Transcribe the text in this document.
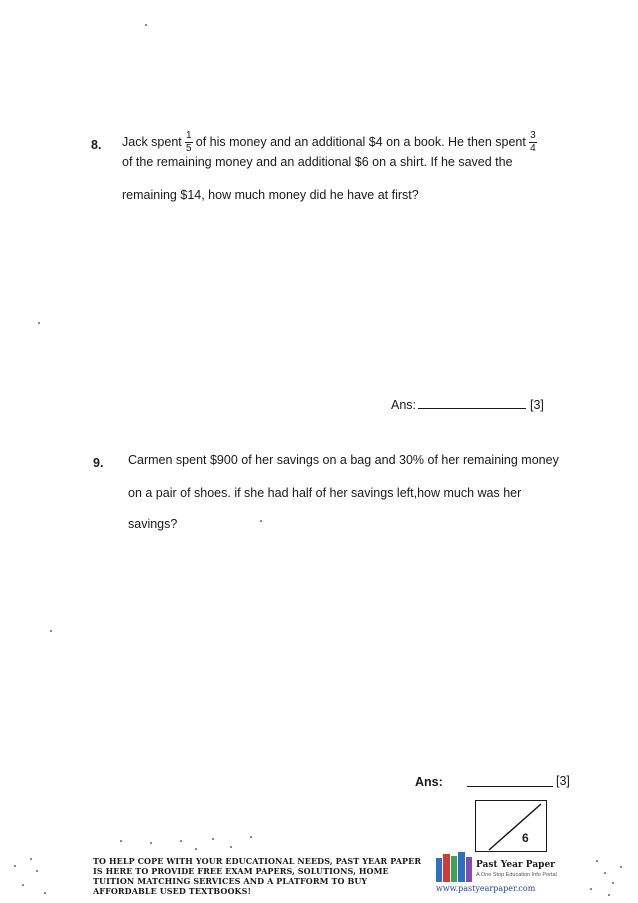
8. Jack spent $\frac{1}{5}$ of his money and an additional $4 on a book. He then spent $\frac{3}{4}$
of the remaining money and an additional $6 on a shirt. If he saved the
remaining $14, how much money did he have at first?
Ans:	[3]
9. Carmen spent $900 of her savings on a bag and 30% of her remaining money
on a pair of shoes. if she had half of her savings left,how much was her
savings?
Ans:	[3]
6
TO HELP COPE WITH YOUR EDUCATIONAL NEEDS, PAST YEAR PAPER
IS HERE TO PROVIDE FREE EXAM PAPERS, SOLUTIONS, HOME
TUITION MATCHING SERVICES AND A PLATFORM TO BUY
AFFORDABLE USED TEXTBOOKS!
Past Year Paper
A One Stop Education Info Portal
www.pastyearpaper.com
